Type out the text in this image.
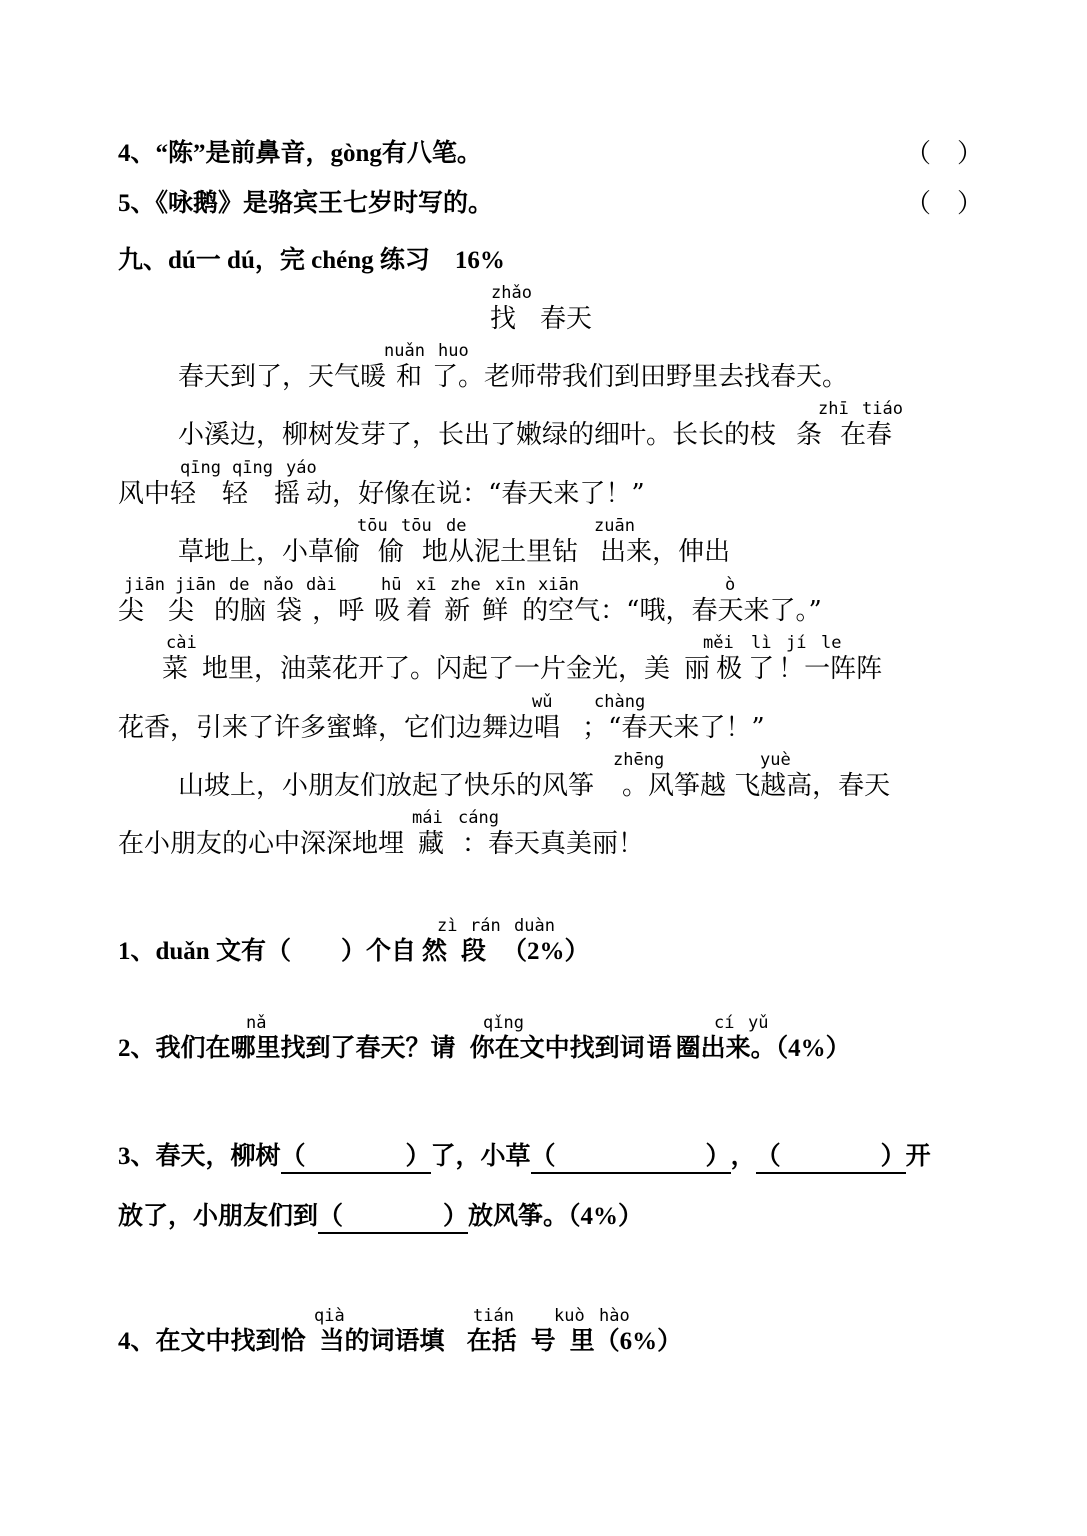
4、“陈”是前鼻音，gòng有八笔。	（　）
5、《咏鹅》是骆宾王七岁时写的。	（　）
九、dú一 dú，完 chéng 练习　16%
zhǎo
找 春天
nuǎn huo
春天到了，天气暖 和 了。老师带我们到田野里去找春天。
zhī tiáo
小溪边，柳树发芽了，长出了嫩绿的细叶。长长的枝 条 在春
qīng qīng yáo
风中轻 轻 摇 动，好像在说：“春天来了！”
tōu tōu de	zuān
草地上，小草偷 偷 地从泥土里钻 出来，伸出
jiān jiān de nǎo dài	hū xī zhe xīn xiān	ò
尖 尖 的脑 袋 ，呼 吸 着 新 鲜 的空气：“哦，春天来了。”
cài	měi lì jí le
菜 地里，油菜花开了。闪起了一片金光，美 丽 极 了 ！一阵阵
wǔ chàng
花香，引来了许多蜜蜂，它们边舞边唱 ；“春天来了！”
zhēng	yuè
山坡上，小朋友们放起了快乐的风筝 。风筝越 飞越高，春天
mái cáng
在小朋友的心中深深地埋 藏 ：春天真美丽！
zì rán duàn
1、duǎn 文有（　　）个自 然 段 （2%）
nǎ	qǐng	cí yǔ
2、我们在哪里找到了春天？请 你在文中找到词语 圈出来。（4%）
3、春天，柳树（　　　　）了，小草（　　　　　　），（　　　　）开
放了，小朋友们到（　　　　）放风筝。（4%）
qià	tián kuò hào
4、在文中找到恰 当的词语填 在括 号 里（6%）
